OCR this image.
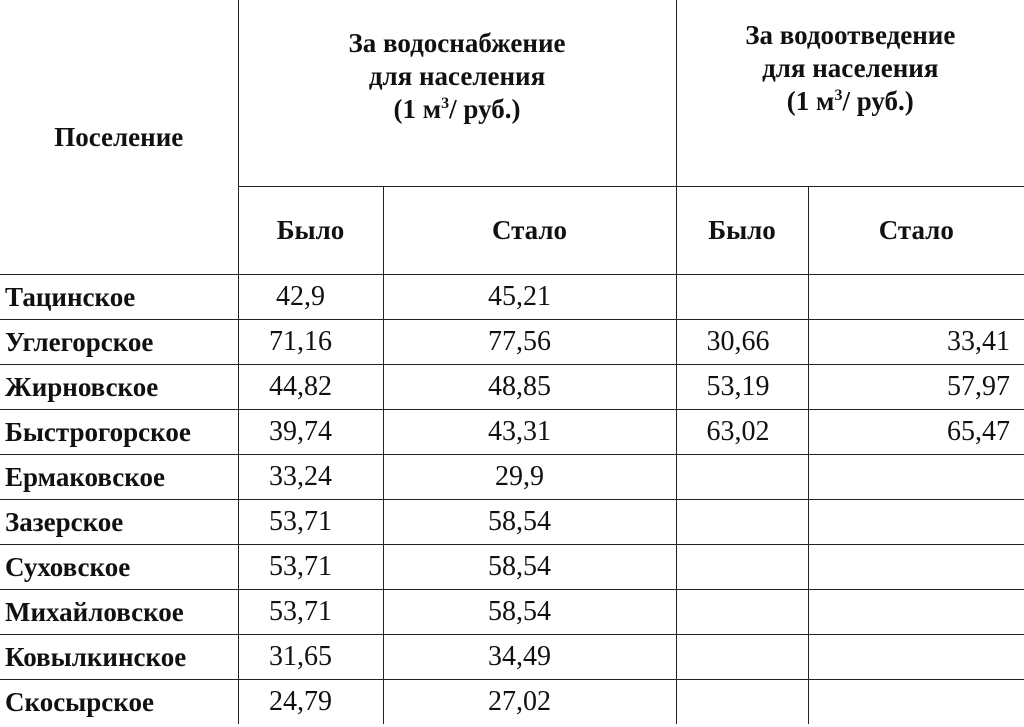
Поселение	За водоснабжение
для населения
(1 $м^3/$ руб.)		За водоотведение
для населения
(1 $м^3/$ руб.)	

	Было	Стало	Было	Стало
Тацинское	42,9	45,21		
Углегорское	71,16	77,56	30,66	33,41
Жирновское	44,82	48,85	53,19	57,97
Быстрогорское	39,74	43,31	63,02	65,47
Ермаковское	33,24	29,9		
Зазерское	53,71	58,54		
Суховское	53,71	58,54		
Михайловское	53,71	58,54		
Ковылкинское	31,65	34,49		
Скосырское	24,79	27,02		
